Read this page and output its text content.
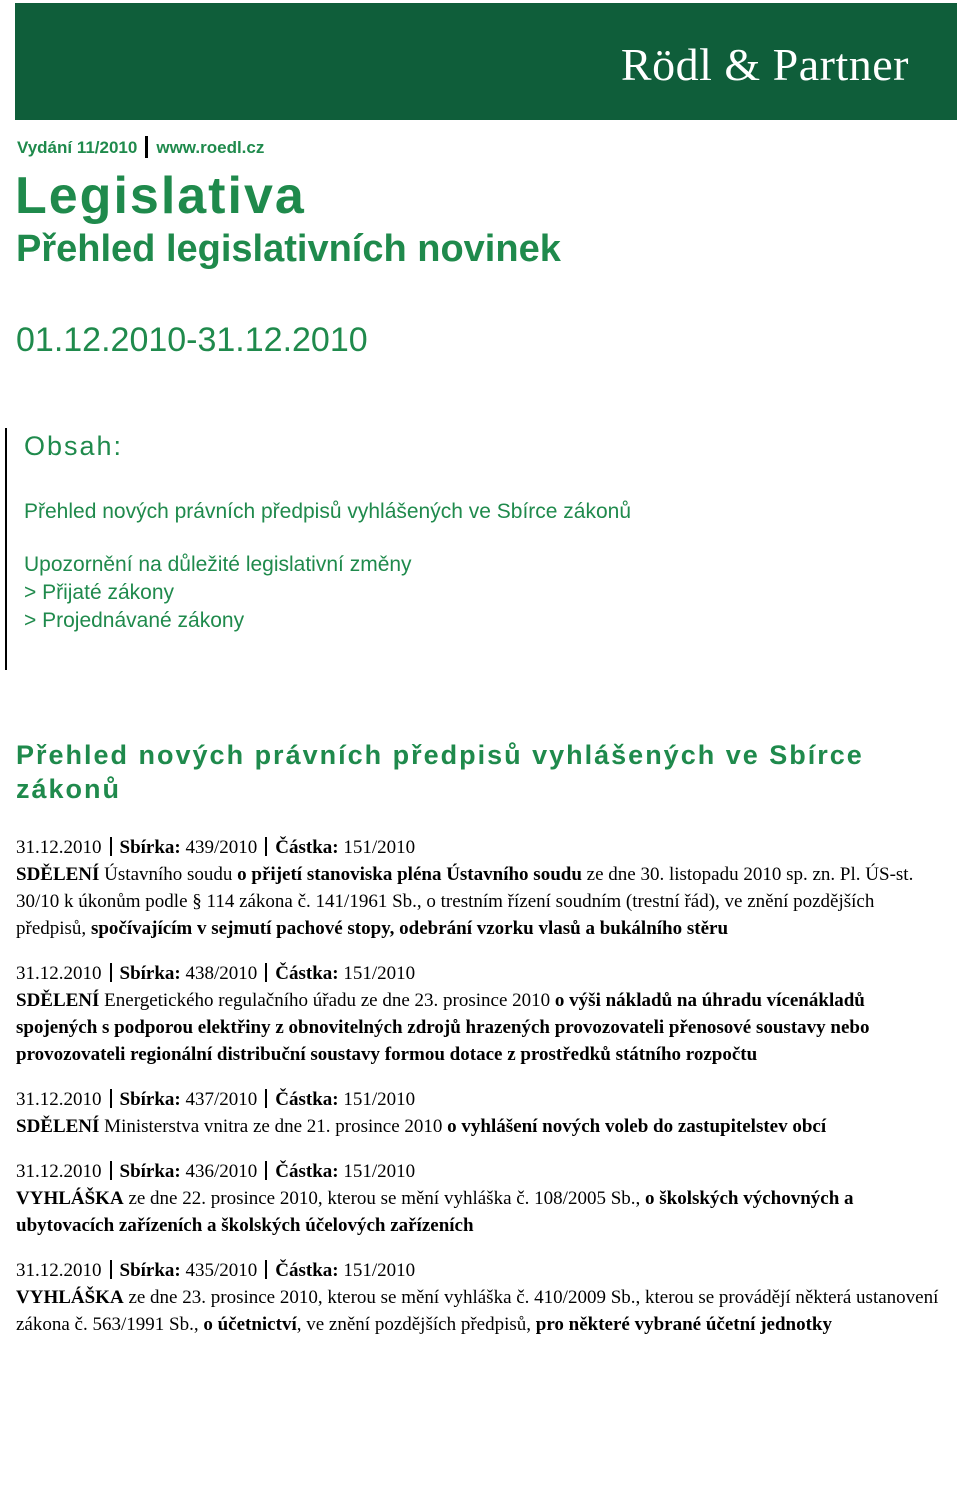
Rödl & Partner
Vydání 11/2010 www.roedl.cz
Legislativa
Přehled legislativních novinek
01.12.2010-31.12.2010
Obsah:
Přehled nových právních předpisů vyhlášených ve Sbírce zákonů
Upozornění na důležité legislativní změny
> Přijaté zákony
> Projednávané zákony
Přehled nových právních předpisů vyhlášených ve Sbírce zákonů
31.12.2010 Sbírka: 439/2010 Částka: 151/2010
SDĚLENÍ Ústavního soudu o přijetí stanoviska pléna Ústavního soudu ze dne 30. listopadu 2010 sp. zn. Pl. ÚS-st. 30/10 k úkonům podle § 114 zákona č. 141/1961 Sb., o trestním řízení soudním (trestní řád), ve znění pozdějších předpisů, spočívajícím v sejmutí pachové stopy, odebrání vzorku vlasů a bukálního stěru
31.12.2010 Sbírka: 438/2010 Částka: 151/2010
SDĚLENÍ Energetického regulačního úřadu ze dne 23. prosince 2010 o výši nákladů na úhradu vícenákladů spojených s podporou elektřiny z obnovitelných zdrojů hrazených provozovateli přenosové soustavy nebo provozovateli regionální distribuční soustavy formou dotace z prostředků státního rozpočtu
31.12.2010 Sbírka: 437/2010 Částka: 151/2010
SDĚLENÍ Ministerstva vnitra ze dne 21. prosince 2010 o vyhlášení nových voleb do zastupitelstev obcí
31.12.2010 Sbírka: 436/2010 Částka: 151/2010
VYHLÁŠKA ze dne 22. prosince 2010, kterou se mění vyhláška č. 108/2005 Sb., o školských výchovných a ubytovacích zařízeních a školských účelových zařízeních
31.12.2010 Sbírka: 435/2010 Částka: 151/2010
VYHLÁŠKA ze dne 23. prosince 2010, kterou se mění vyhláška č. 410/2009 Sb., kterou se provádějí některá ustanovení zákona č. 563/1991 Sb., o účetnictví, ve znění pozdějších předpisů, pro některé vybrané účetní jednotky
